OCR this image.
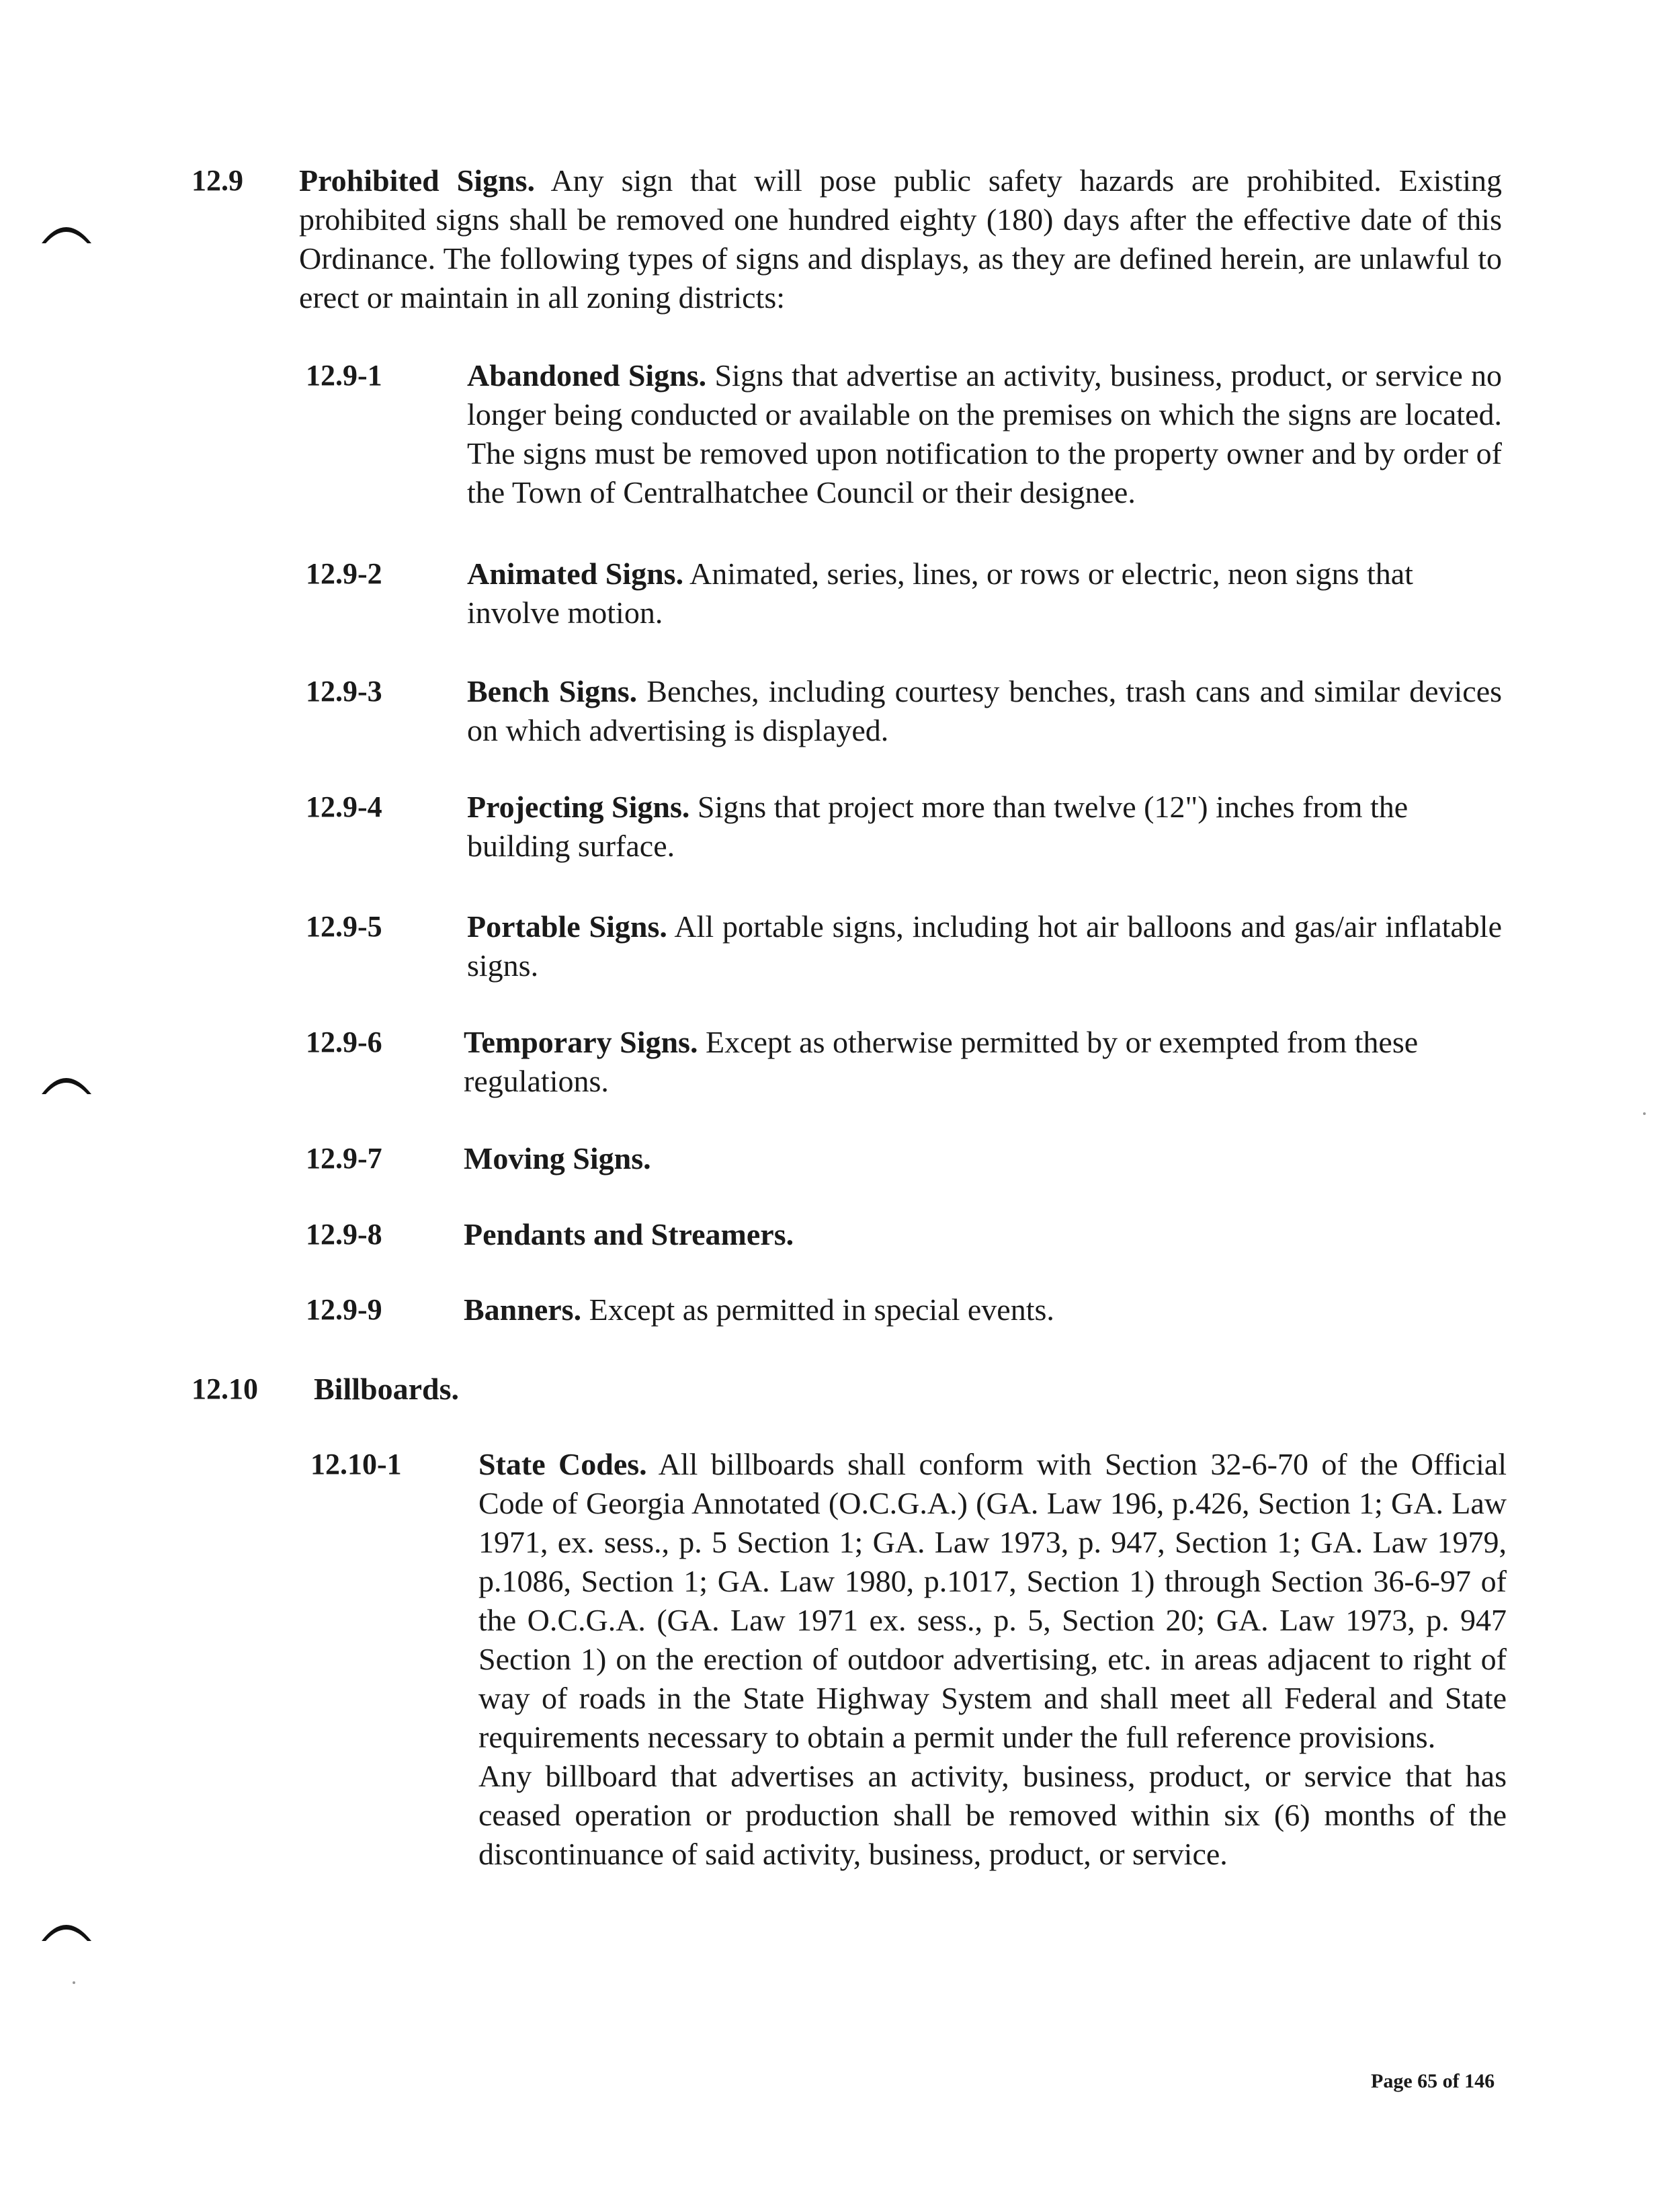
12.9 Prohibited Signs. Any sign that will pose public safety hazards are prohibited. Existing prohibited signs shall be removed one hundred eighty (180) days after the effective date of this Ordinance. The following types of signs and displays, as they are defined herein, are unlawful to erect or maintain in all zoning districts:
12.9-1	Abandoned Signs. Signs that advertise an activity, business, product, or service no longer being conducted or available on the premises on which the signs are located. The signs must be removed upon notification to the property owner and by order of the Town of Centralhatchee Council or their designee.
12.9-2	Animated Signs. Animated, series, lines, or rows or electric, neon signs that involve motion.
12.9-3	Bench Signs. Benches, including courtesy benches, trash cans and similar devices on which advertising is displayed.
12.9-4	Projecting Signs. Signs that project more than twelve (12") inches from the building surface.
12.9-5	Portable Signs. All portable signs, including hot air balloons and gas/air inflatable signs.
12.9-6	Temporary Signs. Except as otherwise permitted by or exempted from these regulations.
12.9-7	Moving Signs.
12.9-8	Pendants and Streamers.
12.9-9	Banners. Except as permitted in special events.
12.10 Billboards.
12.10-1 State Codes. All billboards shall conform with Section 32-6-70 of the Official Code of Georgia Annotated (O.C.G.A.) (GA. Law 196, p.426, Section 1; GA. Law 1971, ex. sess., p. 5 Section 1; GA. Law 1973, p. 947, Section 1; GA. Law 1979, p.1086, Section 1; GA. Law 1980, p.1017, Section 1) through Section 36-6-97 of the O.C.G.A. (GA. Law 1971 ex. sess., p. 5, Section 20; GA. Law 1973, p. 947 Section 1) on the erection of outdoor advertising, etc. in areas adjacent to right of way of roads in the State Highway System and shall meet all Federal and State requirements necessary to obtain a permit under the full reference provisions.
Any billboard that advertises an activity, business, product, or service that has ceased operation or production shall be removed within six (6) months of the discontinuance of said activity, business, product, or service.
Page 65 of 146
